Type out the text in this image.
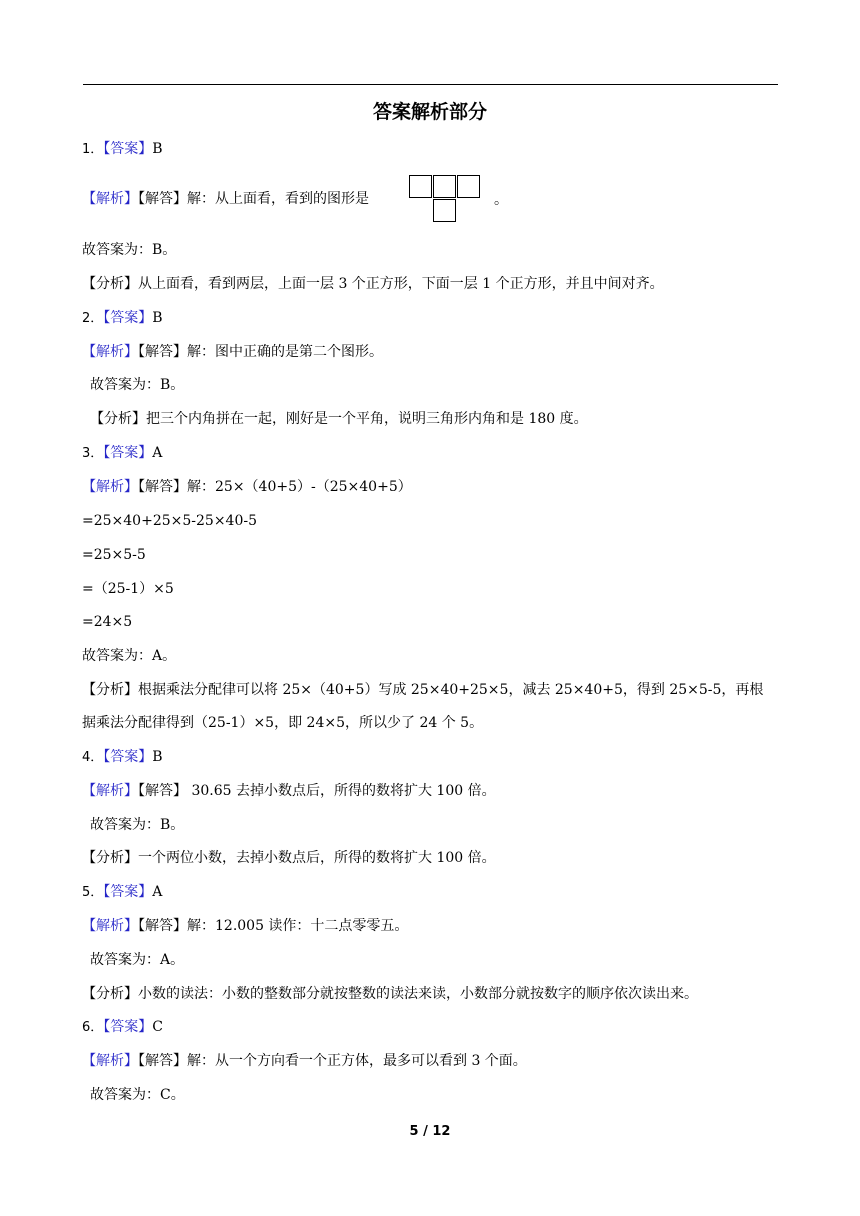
答案解析部分
1．【答案】B
【解析】【解答】解：从上面看，看到的图形是	。
故答案为：B。
【分析】从上面看，看到两层，上面一层 3 个正方形，下面一层 1 个正方形，并且中间对齐。
2．【答案】B
【解析】【解答】解：图中正确的是第二个图形。
故答案为：B。
【分析】把三个内角拼在一起，刚好是一个平角，说明三角形内角和是 180 度。
3．【答案】A
【解析】【解答】解：25×（40+5）-（25×40+5）
=25×40+25×5-25×40-5
=25×5-5
=（25-1）×5
=24×5
故答案为：A。
【分析】根据乘法分配律可以将 25×（40+5）写成 25×40+25×5，减去 25×40+5，得到 25×5-5，再根
据乘法分配律得到（25-1）×5，即 24×5，所以少了 24 个 5。
4．【答案】B
【解析】【解答】 30.65 去掉小数点后，所得的数将扩大 100 倍。
故答案为：B。
【分析】一个两位小数，去掉小数点后，所得的数将扩大 100 倍。
5．【答案】A
【解析】【解答】解：12.005 读作：十二点零零五。
故答案为：A。
【分析】小数的读法：小数的整数部分就按整数的读法来读，小数部分就按数字的顺序依次读出来。
6．【答案】C
【解析】【解答】解：从一个方向看一个正方体，最多可以看到 3 个面。
故答案为：C。
5 / 12
